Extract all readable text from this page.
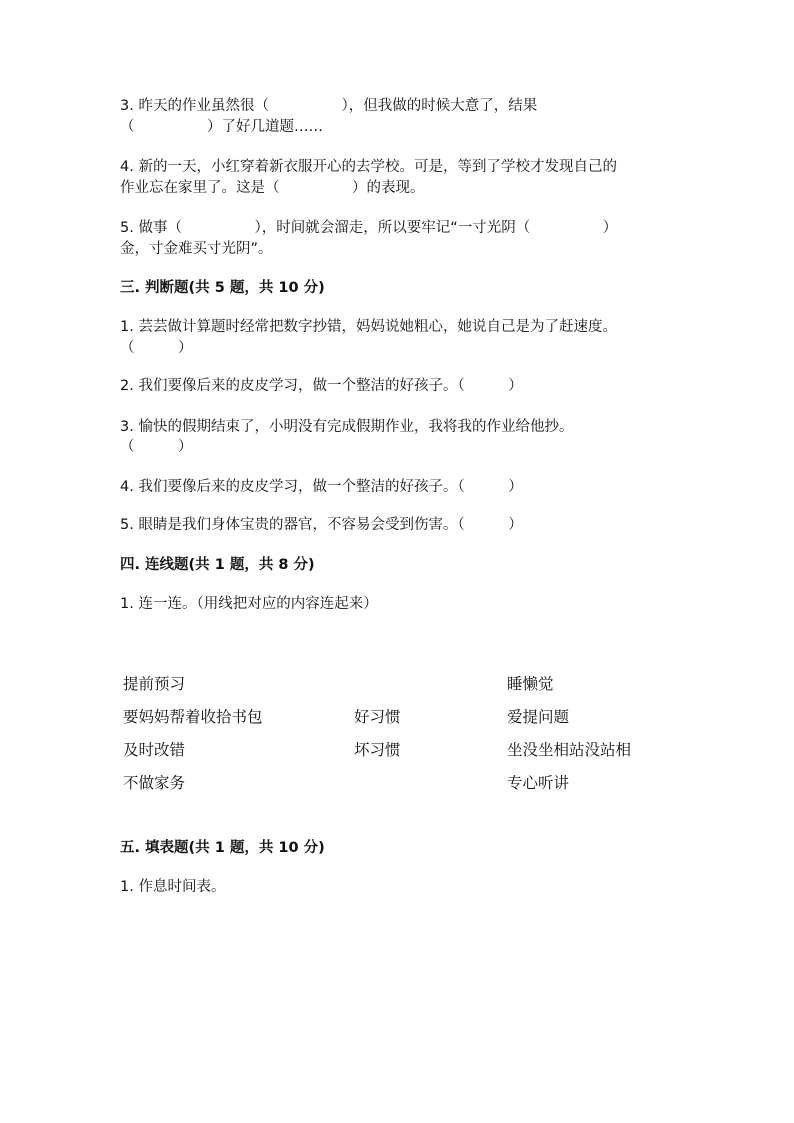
3. 昨天的作业虽然很（　　　　　），但我做的时候大意了，结果
（　　　　　）了好几道题……
4. 新的一天，小红穿着新衣服开心的去学校。可是，等到了学校才发现自己的
作业忘在家里了。这是（　　　　　）的表现。
5. 做事（　　　　　），时间就会溜走，所以要牢记“一寸光阴（　　　　　）
金，寸金难买寸光阴”。
三. 判断题(共 5 题，共 10 分)
1. 芸芸做计算题时经常把数字抄错，妈妈说她粗心，她说自己是为了赶速度。
（　　　）
2. 我们要像后来的皮皮学习，做一个整洁的好孩子。（　　　）
3. 愉快的假期结束了，小明没有完成假期作业，我将我的作业给他抄。
（　　　）
4. 我们要像后来的皮皮学习，做一个整洁的好孩子。（　　　）
5. 眼睛是我们身体宝贵的器官，不容易会受到伤害。（　　　）
四. 连线题(共 1 题，共 8 分)
1. 连一连。（用线把对应的内容连起来）
提前预习
要妈妈帮着收拾书包
及时改错
不做家务
好习惯
坏习惯
睡懒觉
爱提问题
坐没坐相站没站相
专心听讲
五. 填表题(共 1 题，共 10 分)
1. 作息时间表。
